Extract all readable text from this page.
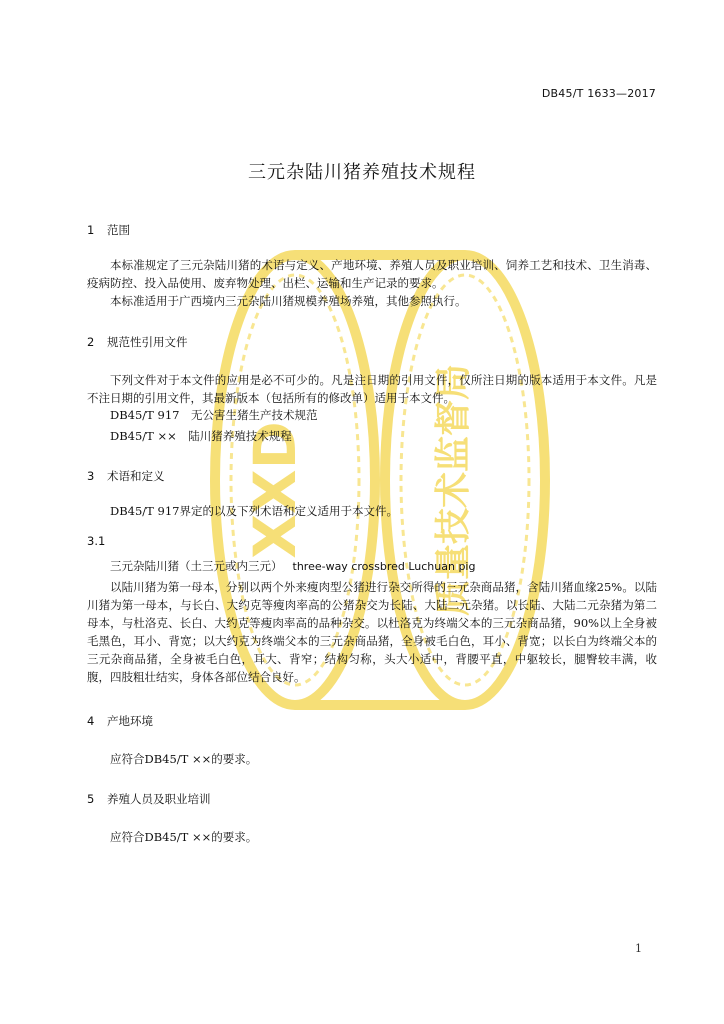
XXD	质量技术监督局
DB45/T 1633—2017
三元杂陆川猪养殖技术规程
1 范围
本标准规定了三元杂陆川猪的术语与定义、产地环境、养殖人员及职业培训、饲养工艺和技术、卫生消毒、疫病防控、投入品使用、废弃物处理、出栏、运输和生产记录的要求。
本标准适用于广西境内三元杂陆川猪规模养殖场养殖，其他参照执行。
2 规范性引用文件
下列文件对于本文件的应用是必不可少的。凡是注日期的引用文件，仅所注日期的版本适用于本文件。凡是不注日期的引用文件，其最新版本（包括所有的修改单）适用于本文件。
DB45/T 917　无公害生猪生产技术规范
DB45/T ××　陆川猪养殖技术规程
3 术语和定义
DB45/T 917界定的以及下列术语和定义适用于本文件。
3.1
三元杂陆川猪（土三元或内三元） three-way crossbred Luchuan pig
以陆川猪为第一母本，分别以两个外来瘦肉型公猪进行杂交所得的三元杂商品猪，含陆川猪血缘25%。以陆川猪为第一母本，与长白、大约克等瘦肉率高的公猪杂交为长陆、大陆二元杂猪。以长陆、大陆二元杂猪为第二母本，与杜洛克、长白、大约克等瘦肉率高的品种杂交。以杜洛克为终端父本的三元杂商品猪，90%以上全身被毛黑色，耳小、背宽；以大约克为终端父本的三元杂商品猪，全身被毛白色，耳小、背宽；以长白为终端父本的三元杂商品猪，全身被毛白色，耳大、背窄；结构匀称，头大小适中，背腰平直，中躯较长，腿臀较丰满，收腹，四肢粗壮结实，身体各部位结合良好。
4 产地环境
应符合DB45/T ××的要求。
5 养殖人员及职业培训
应符合DB45/T ××的要求。
1
